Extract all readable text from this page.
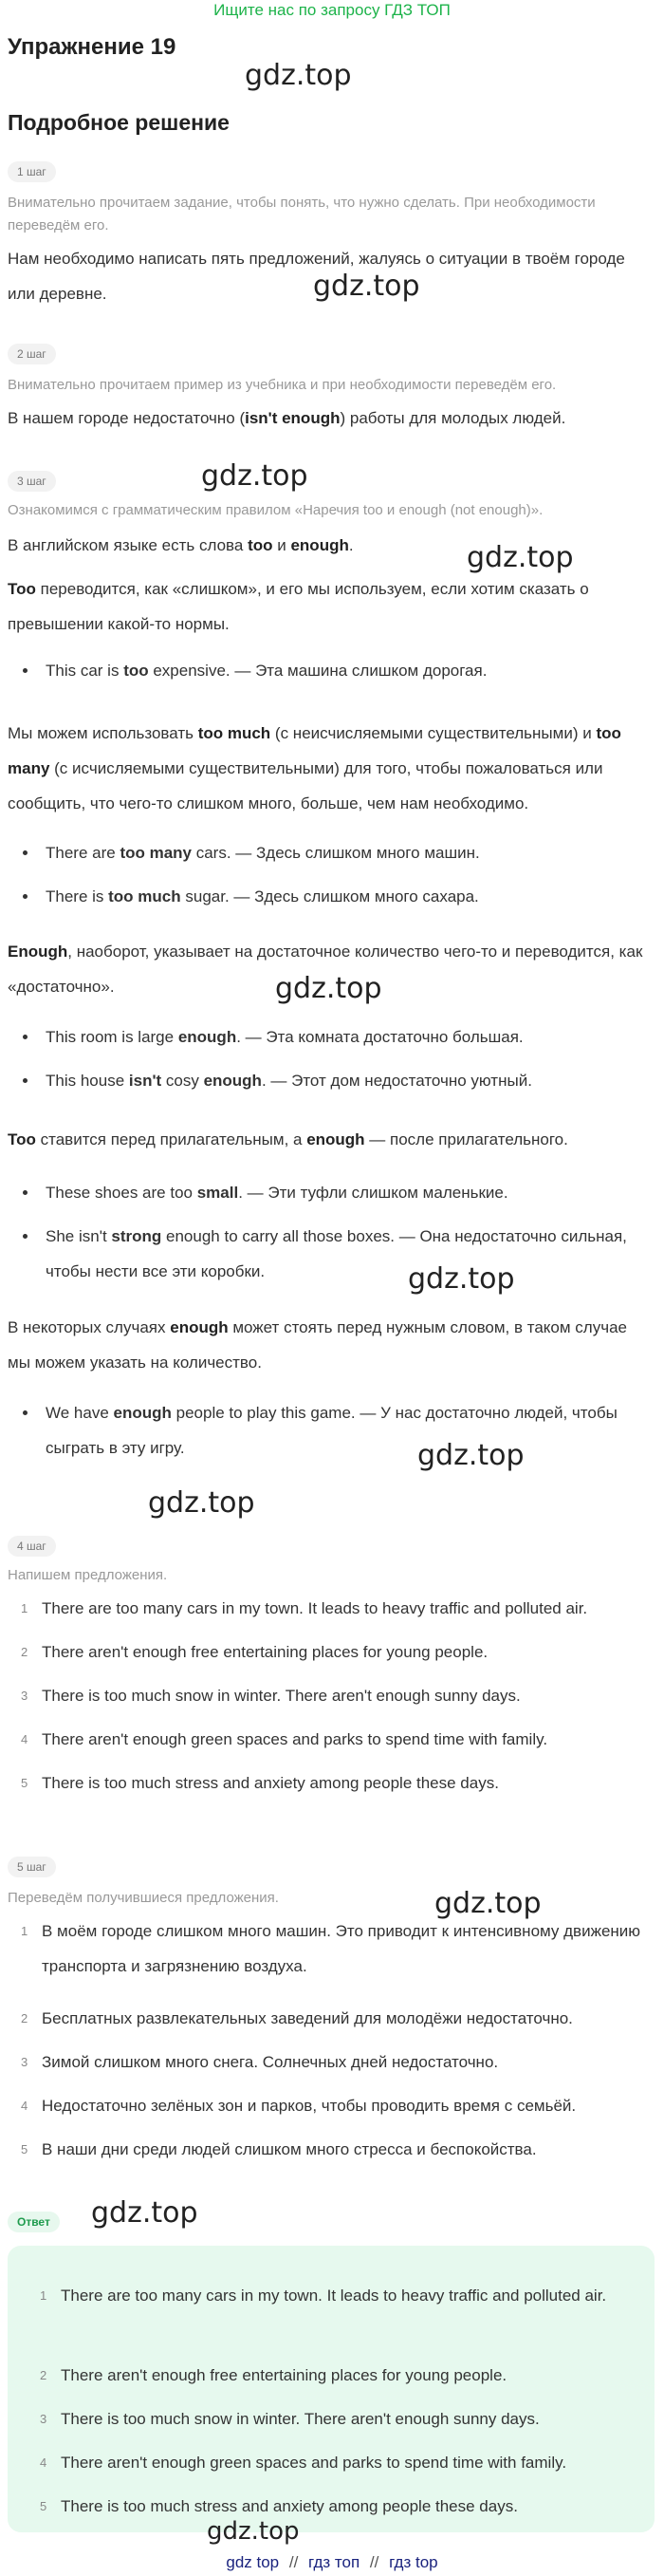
Ищите нас по запросу ГДЗ ТОП
Упражнение 19
Подробное решение
gdz.top
gdz.top
gdz.top
gdz.top
gdz.top
gdz.top
gdz.top
gdz.top
gdz.top
gdz.top
1 шаг

Внимательно прочитаем задание, чтобы понять, что нужно сделать. При необходимости переведём его.

Нам необходимо написать пять предложений, жалуясь о ситуации в твоём городе или деревне.

2 шаг

Внимательно прочитаем пример из учебника и при необходимости переведём его.

В нашем городе недостаточно (isn't enough) работы для молодых людей.

3 шаг

Ознакомимся с грамматическим правилом «Наречия too и enough (not enough)».

В английском языке есть слова too и enough.

Too переводится, как «слишком», и его мы используем, если хотим сказать о превышении какой-то нормы.

This car is too expensive. — Эта машина слишком дорогая.

Мы можем использовать too much (с неисчисляемыми существительными) и too many (с исчисляемыми существительными) для того, чтобы пожаловаться или сообщить, что чего-то слишком много, больше, чем нам необходимо.

There are too many cars. — Здесь слишком много машин.

There is too much sugar. — Здесь слишком много сахара.

Enough, наоборот, указывает на достаточное количество чего-то и переводится, как «достаточно».

This room is large enough. — Эта комната достаточно большая.

This house isn't cosy enough. — Этот дом недостаточно уютный.

Too ставится перед прилагательным, а enough — после прилагательного.

These shoes are too small. — Эти туфли слишком маленькие.

She isn't strong enough to carry all those boxes. — Она недостаточно сильная, чтобы нести все эти коробки.

В некоторых случаях enough может стоять перед нужным словом, в таком случае мы можем указать на количество.

We have enough people to play this game. — У нас достаточно людей, чтобы сыграть в эту игру.

4 шаг

Напишем предложения.

1 There are too many cars in my town. It leads to heavy traffic and polluted air.

2 There aren't enough free entertaining places for young people.

3 There is too much snow in winter. There aren't enough sunny days.

4 There aren't enough green spaces and parks to spend time with family.

5 There is too much stress and anxiety among people these days.

5 шаг

Переведём получившиеся предложения.

1 В моём городе слишком много машин. Это приводит к интенсивному движению транспорта и загрязнению воздуха.

2 Бесплатных развлекательных заведений для молодёжи недостаточно.

3 Зимой слишком много снега. Солнечных дней недостаточно.

4 Недостаточно зелёных зон и парков, чтобы проводить время с семьёй.

5 В наши дни среди людей слишком много стресса и беспокойства.

Ответ

1 There are too many cars in my town. It leads to heavy traffic and polluted air.

2 There aren't enough free entertaining places for young people.

3 There is too much snow in winter. There aren't enough sunny days.

4 There aren't enough green spaces and parks to spend time with family.

5 There is too much stress and anxiety among people these days.

gdz.top
gdz top // гдз топ // гдз top
